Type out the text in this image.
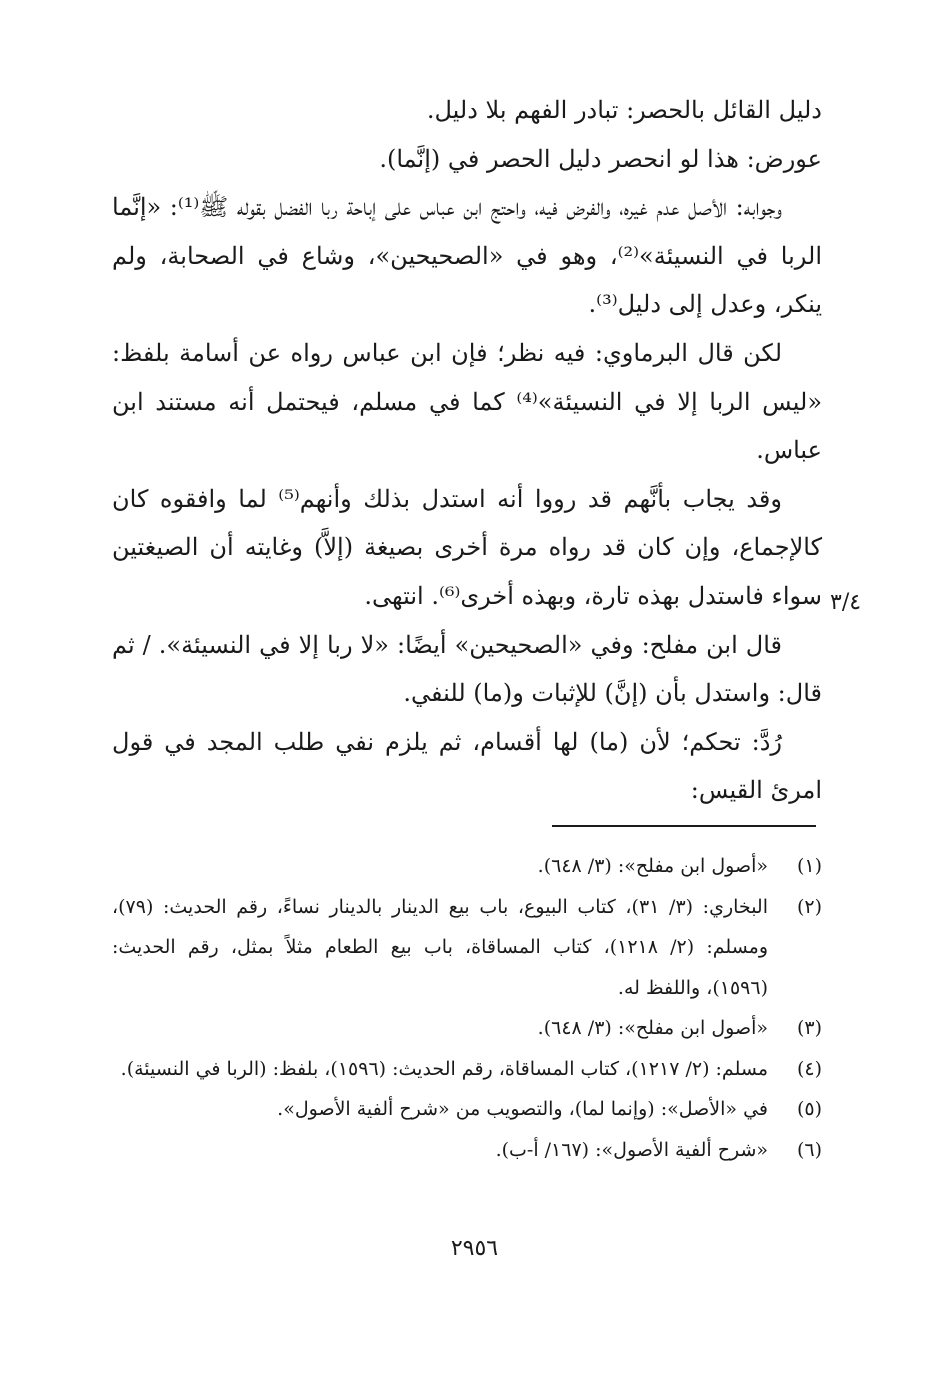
دليل القائل بالحصر: تبادر الفهم بلا دليل.

عورض: هذا لو انحصر دليل الحصر في (إنَّما).

وجوابه: الأصل عدم غيره، والفرض فيه، واحتج ابن عباس على إباحة ربا الفضل بقوله ﷺ⁽¹⁾: «إنَّما الربا في النسيئة»⁽²⁾، وهو في «الصحيحين»، وشاع في الصحابة، ولم ينكر، وعدل إلى دليل⁽³⁾.

لكن قال البرماوي: فيه نظر؛ فإن ابن عباس رواه عن أسامة بلفظ: «ليس الربا إلا في النسيئة»⁽⁴⁾ كما في مسلم، فيحتمل أنه مستند ابن عباس.

وقد يجاب بأنَّهم قد رووا أنه استدل بذلك وأنهم⁽⁵⁾ لما وافقوه كان كالإجماع، وإن كان قد رواه مرة أخرى بصيغة (إلاَّ) وغايته أن الصيغتين سواء فاستدل بهذه تارة، وبهذه أخرى⁽⁶⁾. انتهى.

قال ابن مفلح: وفي «الصحيحين» أيضًا: «لا ربا إلا في النسيئة». / ثم قال: واستدل بأن (إنَّ) للإثبات و(ما) للنفي.

رُدَّ: تحكم؛ لأن (ما) لها أقسام، ثم يلزم نفي طلب المجد في قول امرئ القيس:

٣/٤
(١)
«أصول ابن مفلح»: (٣/ ٦٤٨).
(٢)
البخاري: (٣/ ٣١)، كتاب البيوع، باب بيع الدينار بالدينار نساءً، رقم الحديث: (٧٩)، ومسلم: (٢/ ١٢١٨)، كتاب المساقاة، باب بيع الطعام مثلاً بمثل، رقم الحديث: (١٥٩٦)، واللفظ له.
(٣)
«أصول ابن مفلح»: (٣/ ٦٤٨).
(٤)
مسلم: (٢/ ١٢١٧)، كتاب المساقاة، رقم الحديث: (١٥٩٦)، بلفظ: (الربا في النسيئة).
(٥)
في «الأصل»: (وإنما لما)، والتصويب من «شرح ألفية الأصول».
(٦)
«شرح ألفية الأصول»: (١٦٧/ أ-ب).
٢٩٥٦
